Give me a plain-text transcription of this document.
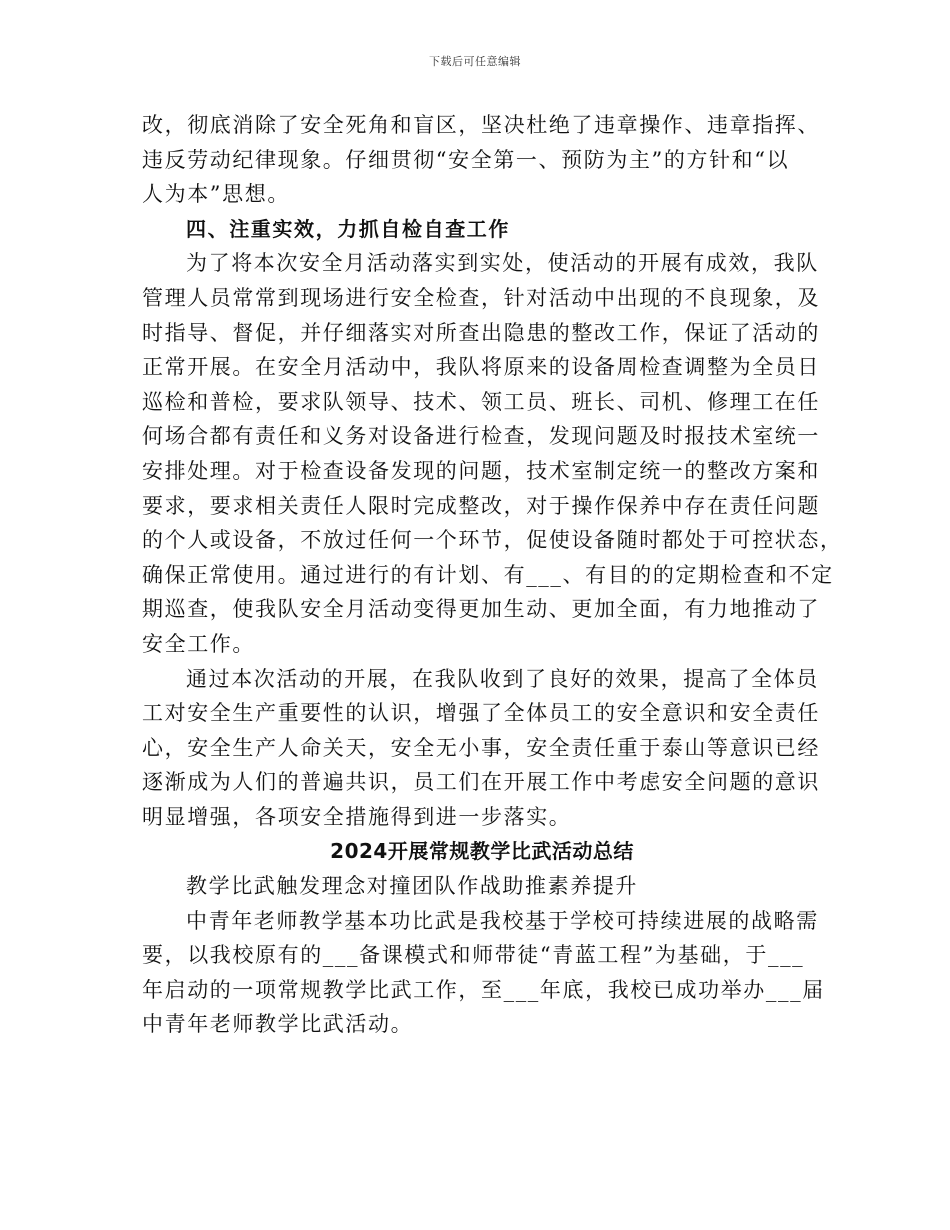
下载后可任意编辑
改，彻底消除了安全死角和盲区，坚决杜绝了违章操作、违章指挥、
违反劳动纪律现象。仔细贯彻“安全第一、预防为主”的方针和“以
人为本”思想。
四、注重实效，力抓自检自查工作
为了将本次安全月活动落实到实处，使活动的开展有成效，我队
管理人员常常到现场进行安全检查，针对活动中出现的不良现象，及
时指导、督促，并仔细落实对所查出隐患的整改工作，保证了活动的
正常开展。在安全月活动中，我队将原来的设备周检查调整为全员日
巡检和普检，要求队领导、技术、领工员、班长、司机、修理工在任
何场合都有责任和义务对设备进行检查，发现问题及时报技术室统一
安排处理。对于检查设备发现的问题，技术室制定统一的整改方案和
要求，要求相关责任人限时完成整改，对于操作保养中存在责任问题
的个人或设备，不放过任何一个环节，促使设备随时都处于可控状态，
确保正常使用。通过进行的有计划、有___、有目的的定期检查和不定
期巡查，使我队安全月活动变得更加生动、更加全面，有力地推动了
安全工作。
通过本次活动的开展，在我队收到了良好的效果，提高了全体员
工对安全生产重要性的认识，增强了全体员工的安全意识和安全责任
心，安全生产人命关天，安全无小事，安全责任重于泰山等意识已经
逐渐成为人们的普遍共识，员工们在开展工作中考虑安全问题的意识
明显增强，各项安全措施得到进一步落实。
2024开展常规教学比武活动总结
教学比武触发理念对撞团队作战助推素养提升
中青年老师教学基本功比武是我校基于学校可持续进展的战略需
要，以我校原有的___备课模式和师带徒“青蓝工程”为基础，于___
年启动的一项常规教学比武工作，至___年底，我校已成功举办___届
中青年老师教学比武活动。
